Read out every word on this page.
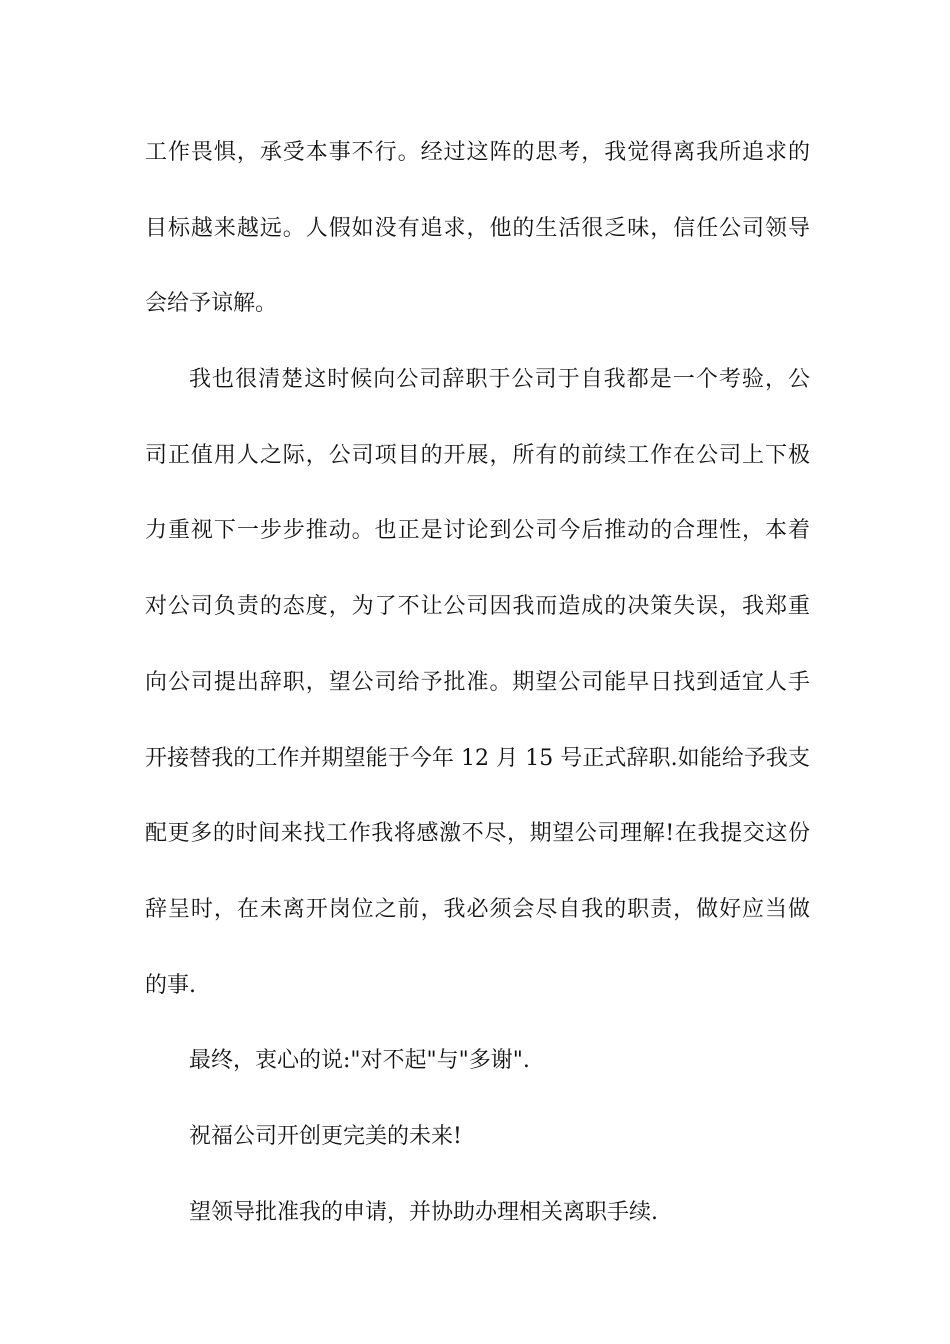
工作畏惧，承受本事不行。经过这阵的思考，我觉得离我所追求的
目标越来越远。人假如没有追求，他的生活很乏味，信任公司领导
会给予谅解。
我也很清楚这时候向公司辞职于公司于自我都是一个考验，公
司正值用人之际，公司项目的开展，所有的前续工作在公司上下极
力重视下一步步推动。也正是讨论到公司今后推动的合理性，本着
对公司负责的态度，为了不让公司因我而造成的决策失误，我郑重
向公司提出辞职，望公司给予批准。期望公司能早日找到适宜人手
开接替我的工作并期望能于今年 12 月 15 号正式辞职.如能给予我支
配更多的时间来找工作我将感激不尽，期望公司理解!在我提交这份
辞呈时，在未离开岗位之前，我必须会尽自我的职责，做好应当做
的事.
最终，衷心的说:"对不起"与"多谢".
祝福公司开创更完美的未来!
望领导批准我的申请，并协助办理相关离职手续.
